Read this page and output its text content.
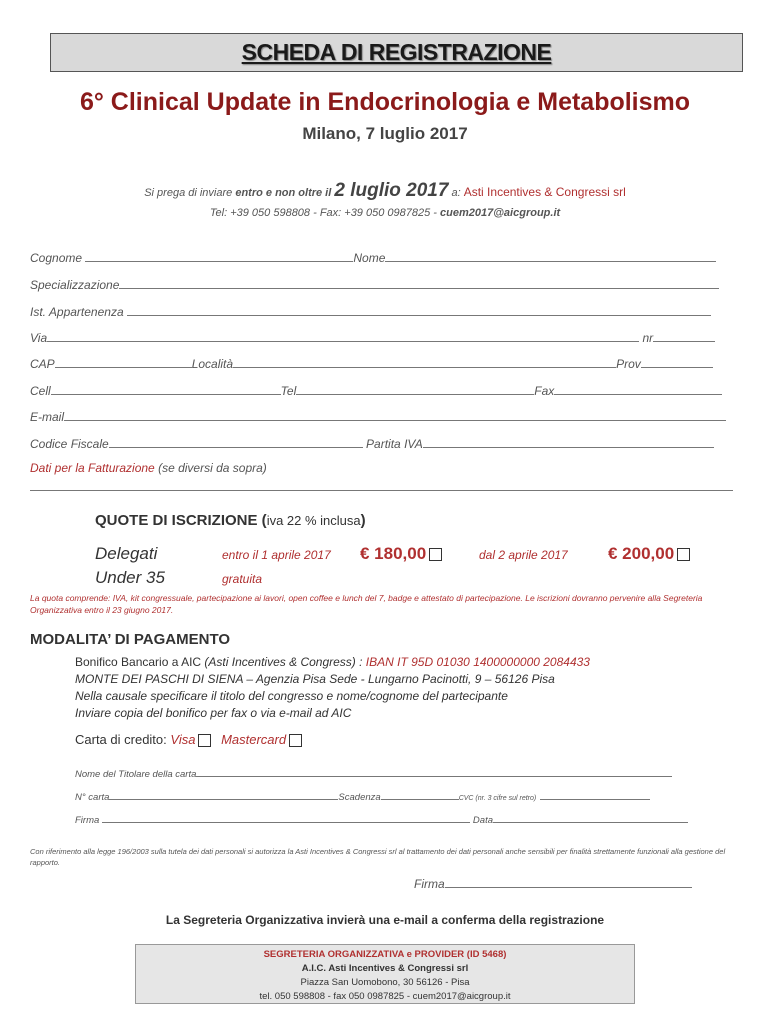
SCHEDA DI REGISTRAZIONE
6° Clinical Update in Endocrinologia e Metabolismo
Milano, 7 luglio 2017
Si prega di inviare entro e non oltre il 2 luglio 2017 a: Asti Incentives & Congressi srl
Tel: +39 050 598808 - Fax: +39 050 0987825 - cuem2017@aicgroup.it
Cognome	Nome
Specializzazione
Ist. Appartenenza
Via	nr
CAP	Località	Prov
Cell	Tel	Fax
E-mail
Codice Fiscale	Partita IVA
Dati per la Fatturazione (se diversi da sopra)
QUOTE DI ISCRIZIONE (iva 22 % inclusa)
Delegati	entro il 1 aprile 2017 € 180,00	dal 2 aprile 2017 € 200,00
Under 35	gratuita
La quota comprende: IVA, kit congressuale, partecipazione ai lavori, open coffee e lunch del 7, badge e attestato di partecipazione. Le iscrizioni dovranno pervenire alla Segreteria Organizzativa entro il 23 giugno 2017.
MODALITA’ DI PAGAMENTO
Bonifico Bancario a AIC (Asti Incentives & Congress) : IBAN IT 95D 01030 1400000000 2084433
MONTE DEI PASCHI DI SIENA – Agenzia Pisa Sede - Lungarno Pacinotti, 9 – 56126 Pisa
Nella causale specificare il titolo del congresso e nome/cognome del partecipante
Inviare copia del bonifico per fax o via e-mail ad AIC
Carta di credito: Visa Mastercard
Nome del Titolare della carta
N° carta	Scadenza	CVC (nr. 3 cifre sul retro)
Firma	Data
Con riferimento alla legge 196/2003 sulla tutela dei dati personali si autorizza la Asti Incentives & Congressi srl al trattamento dei dati personali anche sensibili per finalità strettamente funzionali alla gestione del rapporto.
Firma
La Segreteria Organizzativa invierà una e-mail a conferma della registrazione
SEGRETERIA ORGANIZZATIVA e PROVIDER (ID 5468)
A.I.C. Asti Incentives & Congressi srl
Piazza San Uomobono, 30 56126 - Pisa
tel. 050 598808 - fax 050 0987825 - cuem2017@aicgroup.it
